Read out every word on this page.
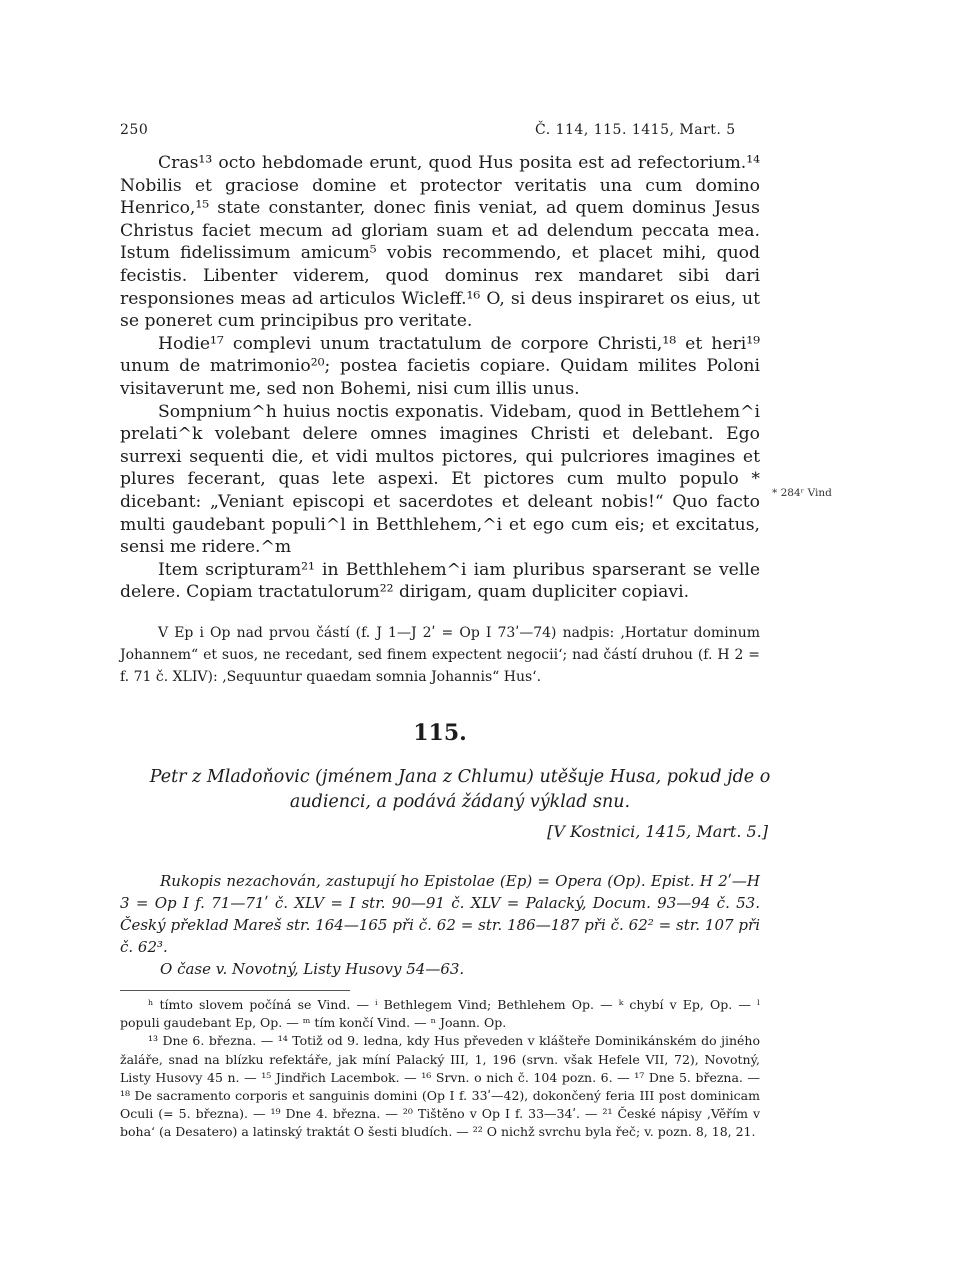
250	Č. 114, 115. 1415, Mart. 5

Cras¹³ octo hebdomade erunt, quod Hus posita est ad refectorium.¹⁴ Nobilis et graciose domine et protector veritatis una cum domino Henrico,¹⁵ state constanter, donec finis veniat, ad quem dominus Jesus Christus faciet mecum ad gloriam suam et ad delendum peccata mea. Istum fidelissimum amicum⁵ vobis recommendo, et placet mihi, quod fecistis. Libenter viderem, quod dominus rex mandaret sibi dari responsiones meas ad articulos Wicleff.¹⁶ O, si deus inspiraret os eius, ut se poneret cum principibus pro veritate.

Hodie¹⁷ complevi unum tractatulum de corpore Christi,¹⁸ et heri¹⁹ unum de matrimonio²⁰; postea facietis copiare. Quidam milites Poloni visitaverunt me, sed non Bohemi, nisi cum illis unus.

Sompnium^h huius noctis exponatis. Videbam, quod in Bettlehem^i prelati^k volebant delere omnes imagines Christi et delebant. Ego surrexi sequenti die, et vidi multos pictores, qui pulcriores imagines et plures fecerant, quas lete aspexi. Et pictores cum multo populo * dicebant: „Veniant episcopi et sacerdotes et deleant nobis!“ Quo facto multi gaudebant populi^l in Betthlehem,^i et ego cum eis; et excitatus, sensi me ridere.^m

Item scripturam²¹ in Betthlehem^i iam pluribus sparserant se velle delere. Copiam tractatulorum²² dirigam, quam dupliciter copiavi.

* 284ʳ Vind

V Ep i Op nad prvou částí (f. J 1—J 2ʹ = Op I 73ʹ—74) nadpis: ‚Hortatur dominum Johannem“ et suos, ne recedant, sed finem expectent negocii‘; nad částí druhou (f. H 2 = f. 71 č. XLIV): ‚Sequuntur quaedam somnia Johannis“ Hus‘.

115.
Petr z Mladoňovic (jménem Jana z Chlumu) utěšuje Husa, pokud jde o audienci, a podává žádaný výklad snu.
[V Kostnici, 1415, Mart. 5.]

Rukopis nezachován, zastupují ho Epistolae (Ep) = Opera (Op). Epist. H 2ʹ—H 3 = Op I f. 71—71ʹ č. XLV = I str. 90—91 č. XLV = Palacký, Docum. 93—94 č. 53. Český překlad Mareš str. 164—165 při č. 62 = str. 186—187 při č. 62² = str. 107 při č. 62³.

O čase v. Novotný, Listy Husovy 54—63.

ʰ tímto slovem počíná se Vind. — ⁱ Bethlegem Vind; Bethlehem Op. — ᵏ chybí v Ep, Op. — ˡ populi gaudebant Ep, Op. — ᵐ tím končí Vind. — ⁿ Joann. Op.

¹³ Dne 6. března. — ¹⁴ Totiž od 9. ledna, kdy Hus převeden v klášteře Dominikánském do jiného žaláře, snad na blízku refektáře, jak míní Palacký III, 1, 196 (srvn. však Hefele VII, 72), Novotný, Listy Husovy 45 n. — ¹⁵ Jindřich Lacembok. — ¹⁶ Srvn. o nich č. 104 pozn. 6. — ¹⁷ Dne 5. března. — ¹⁸ De sacramento corporis et sanguinis domini (Op I f. 33ʹ—42), dokončený feria III post dominicam Oculi (= 5. března). — ¹⁹ Dne 4. března. — ²⁰ Tištěno v Op I f. 33—34ʹ. — ²¹ České nápisy ‚Věřím v boha‘ (a Desatero) a latinský traktát O šesti bludích. — ²² O nichž svrchu byla řeč; v. pozn. 8, 18, 21.
